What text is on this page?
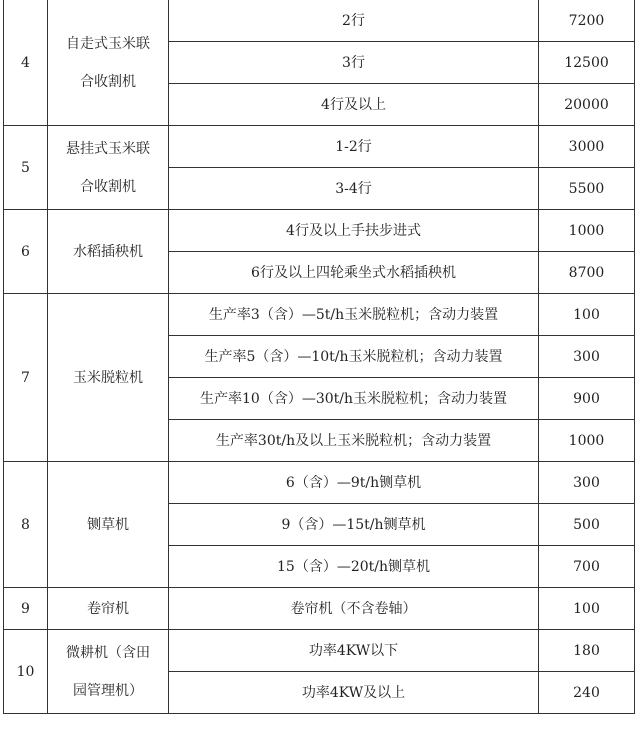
4	自走式玉米联
合收割机	2行	7200
		3行	12500
		4行及以上	20000
5	悬挂式玉米联
合收割机	1-2行	3000
		3-4行	5500
6	水稻插秧机	4行及以上手扶步进式	1000
		6行及以上四轮乘坐式水稻插秧机	8700
7	玉米脱粒机	生产率3（含）—5t/h玉米脱粒机；含动力装置	100
		生产率5（含）—10t/h玉米脱粒机；含动力装置	300
		生产率10（含）—30t/h玉米脱粒机；含动力装置	900
		生产率30t/h及以上玉米脱粒机；含动力装置	1000
8	铡草机	6（含）—9t/h铡草机	300
		9（含）—15t/h铡草机	500
		15（含）—20t/h铡草机	700
9	卷帘机	卷帘机（不含卷轴）	100
10	微耕机（含田
园管理机）	功率4KW以下	180
		功率4KW及以上	240
